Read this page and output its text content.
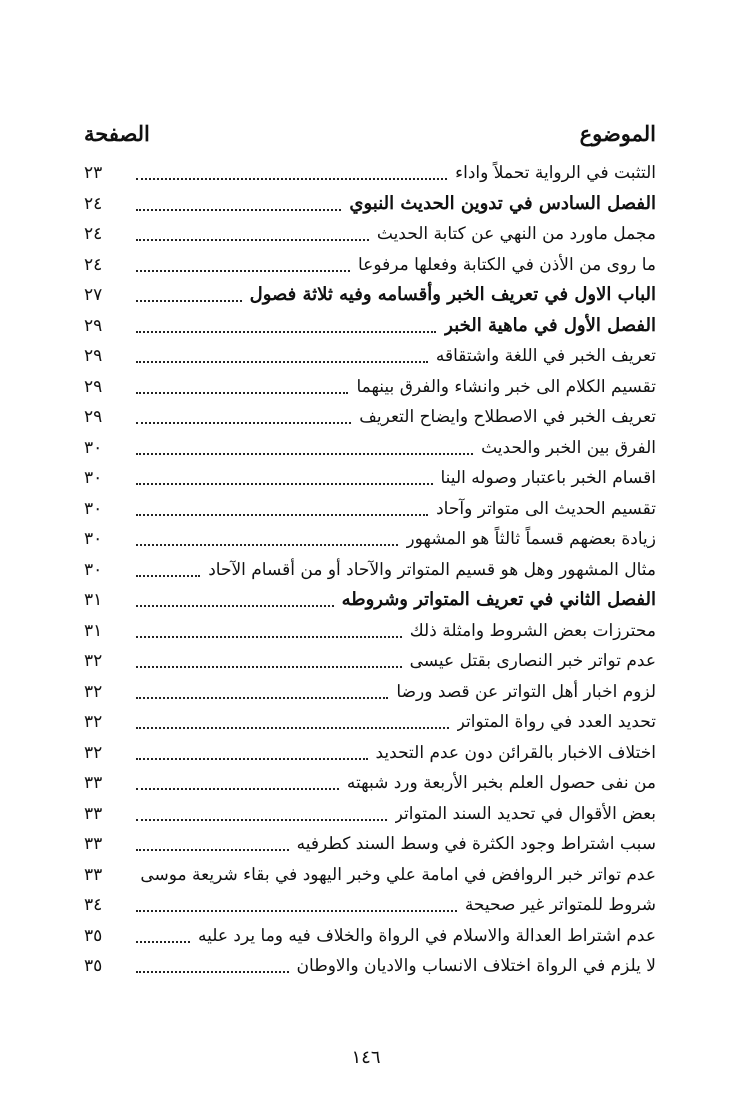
الموضوع
الصفحة
التثبت في الرواية تحملاً واداء
٢٣
الفصل السادس في تدوين الحديث النبوي
٢٤
مجمل ماورد من النهي عن كتابة الحديث
٢٤
ما روى من الأذن في الكتابة وفعلها مرفوعا
٢٤
الباب الاول في تعريف الخبر وأقسامه وفيه ثلاثة فصول
٢٧
الفصل الأول في ماهية الخبر
٢٩
تعريف الخبر في اللغة واشتقاقه
٢٩
تقسيم الكلام الى خبر وانشاء والفرق بينهما
٢٩
تعريف الخبر في الاصطلاح وايضاح التعريف
٢٩
الفرق بين الخبر والحديث
٣٠
اقسام الخبر باعتبار وصوله الينا
٣٠
تقسيم الحديث الى متواتر وآحاد
٣٠
زيادة بعضهم قسماً ثالثاً هو المشهور
٣٠
مثال المشهور وهل هو قسيم المتواتر والآحاد أو من أقسام الآحاد
٣٠
الفصل الثاني في تعريف المتواتر وشروطه
٣١
محترزات بعض الشروط وامثلة ذلك
٣١
عدم تواتر خبر النصارى بقتل عيسى
٣٢
لزوم اخبار أهل التواتر عن قصد ورضا
٣٢
تحديد العدد في رواة المتواتر
٣٢
اختلاف الاخبار بالقرائن دون عدم التحديد
٣٢
من نفى حصول العلم بخبر الأربعة ورد شبهته
٣٣
بعض الأقوال في تحديد السند المتواتر
٣٣
سبب اشتراط وجود الكثرة في وسط السند كطرفيه
٣٣
عدم تواتر خبر الروافض في امامة علي وخبر اليهود في بقاء شريعة موسى
٣٣
شروط للمتواتر غير صحيحة
٣٤
عدم اشتراط العدالة والاسلام في الرواة والخلاف فيه وما يرد عليه
٣٥
لا يلزم في الرواة اختلاف الانساب والاديان والاوطان
٣٥
١٤٦
